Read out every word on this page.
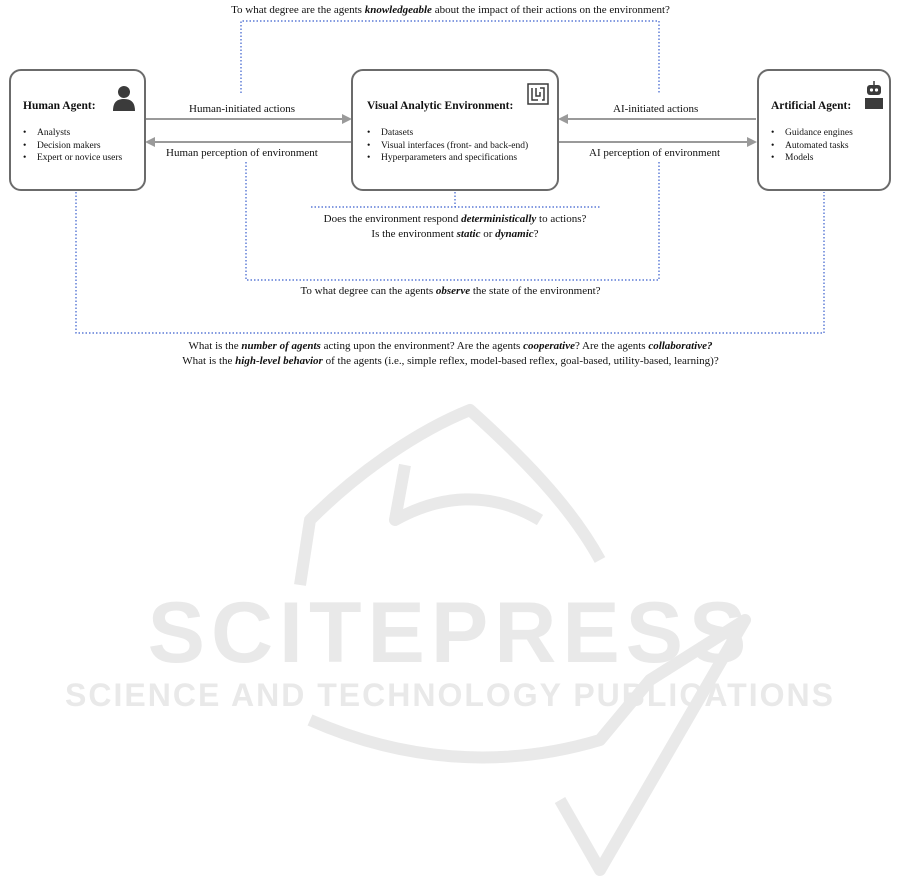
To what degree are the agents knowledgeable about the impact of their actions on the environment?
Human Agent:
• Analysts
• Decision makers
• Expert or novice users
Visual Analytic Environment:
• Datasets
• Visual interfaces (front- and back-end)
• Hyperparameters and specifications
Artificial Agent:
• Guidance engines
• Automated tasks
• Models
Human-initiated actions
Human perception of environment
AI-initiated actions
AI perception of environment
Does the environment respond deterministically to actions?
Is the environment static or dynamic?
To what degree can the agents observe the state of the environment?
What is the number of agents acting upon the environment? Are the agents cooperative? Are the agents collaborative?
What is the high-level behavior of the agents (i.e., simple reflex, model-based reflex, goal-based, utility-based, learning)?
SCITEPRESS
SCIENCE AND TECHNOLOGY PUBLICATIONS
